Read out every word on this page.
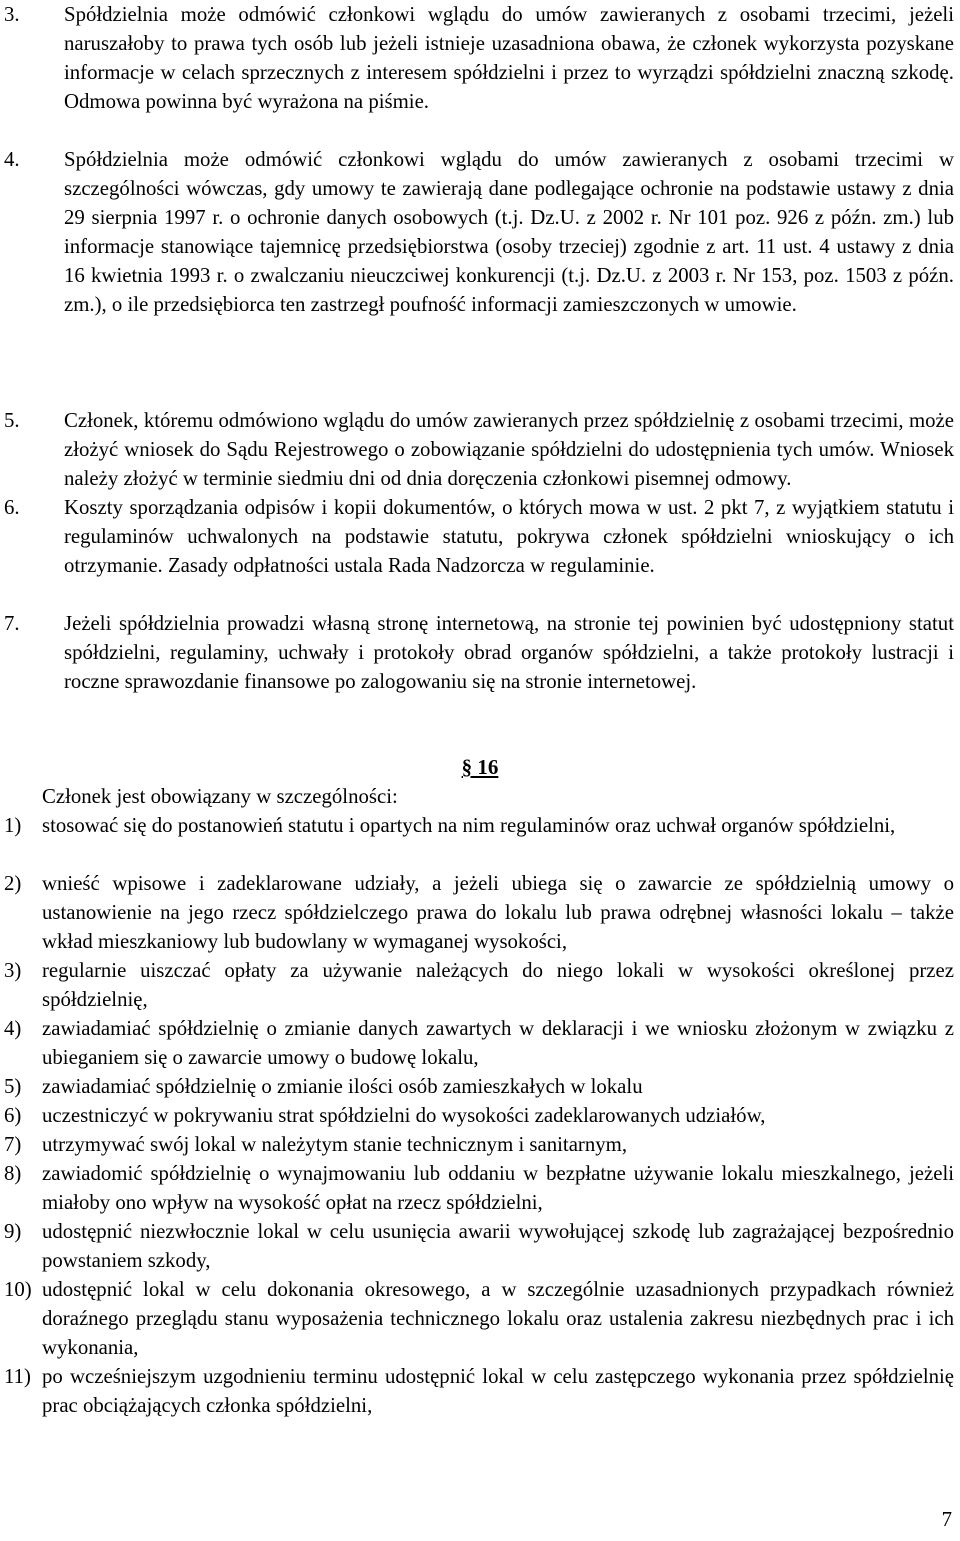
3.	Spółdzielnia może odmówić członkowi wglądu do umów zawieranych z osobami trzecimi, jeżeli naruszałoby to prawa tych osób lub jeżeli istnieje uzasadniona obawa, że członek wykorzysta pozyskane informacje w celach sprzecznych z interesem spółdzielni i przez to wyrządzi spółdzielni znaczną szkodę. Odmowa powinna być wyrażona na piśmie.
4.	Spółdzielnia może odmówić członkowi wglądu do umów zawieranych z osobami trzecimi w szczególności wówczas, gdy umowy te zawierają dane podlegające ochronie na podstawie ustawy z dnia 29 sierpnia 1997 r. o ochronie danych osobowych (t.j. Dz.U. z 2002 r. Nr 101 poz. 926 z późn. zm.) lub informacje stanowiące tajemnicę przedsiębiorstwa (osoby trzeciej) zgodnie z art. 11 ust. 4 ustawy z dnia 16 kwietnia 1993 r. o zwalczaniu nieuczciwej konkurencji (t.j. Dz.U. z 2003 r. Nr 153, poz. 1503 z późn. zm.), o ile przedsiębiorca ten zastrzegł poufność informacji zamieszczonych w umowie.
5.	Członek, któremu odmówiono wglądu do umów zawieranych przez spółdzielnię z osobami trzecimi, może złożyć wniosek do Sądu Rejestrowego o zobowiązanie spółdzielni do udostępnienia tych umów. Wniosek należy złożyć w terminie siedmiu dni od dnia doręczenia członkowi pisemnej odmowy.
6.	Koszty sporządzania odpisów i kopii dokumentów, o których mowa w ust. 2 pkt 7, z wyjątkiem statutu i regulaminów uchwalonych na podstawie statutu, pokrywa członek spółdzielni wnioskujący o ich otrzymanie. Zasady odpłatności ustala Rada Nadzorcza w regulaminie.
7.	Jeżeli spółdzielnia prowadzi własną stronę internetową, na stronie tej powinien być udostępniony statut spółdzielni, regulaminy, uchwały i protokoły obrad organów spółdzielni, a także protokoły lustracji i roczne sprawozdanie finansowe po zalogowaniu się na stronie internetowej.
§ 16
Członek jest obowiązany w szczególności:
1) stosować się do postanowień statutu i opartych na nim regulaminów oraz uchwał organów spółdzielni,
2) wnieść wpisowe i zadeklarowane udziały, a jeżeli ubiega się o zawarcie ze spółdzielnią umowy o ustanowienie na jego rzecz spółdzielczego prawa do lokalu lub prawa odrębnej własności lokalu – także wkład mieszkaniowy lub budowlany w wymaganej wysokości,
3) regularnie uiszczać opłaty za używanie należących do niego lokali w wysokości określonej przez spółdzielnię,
4) zawiadamiać spółdzielnię o zmianie danych zawartych w deklaracji i we wniosku złożonym w związku z ubieganiem się o zawarcie umowy o budowę lokalu,
5) zawiadamiać spółdzielnię o zmianie ilości osób zamieszkałych w lokalu
6) uczestniczyć w pokrywaniu strat spółdzielni do wysokości zadeklarowanych udziałów,
7) utrzymywać swój lokal w należytym stanie technicznym i sanitarnym,
8) zawiadomić spółdzielnię o wynajmowaniu lub oddaniu w bezpłatne używanie lokalu mieszkalnego, jeżeli miałoby ono wpływ na wysokość opłat na rzecz spółdzielni,
9) udostępnić niezwłocznie lokal w celu usunięcia awarii wywołującej szkodę lub zagrażającej bezpośrednio powstaniem szkody,
10) udostępnić lokal w celu dokonania okresowego, a w szczególnie uzasadnionych przypadkach również doraźnego przeglądu stanu wyposażenia technicznego lokalu oraz ustalenia zakresu niezbędnych prac i ich wykonania,
11) po wcześniejszym uzgodnieniu terminu udostępnić lokal w celu zastępczego wykonania przez spółdzielnię prac obciążających członka spółdzielni,
7
